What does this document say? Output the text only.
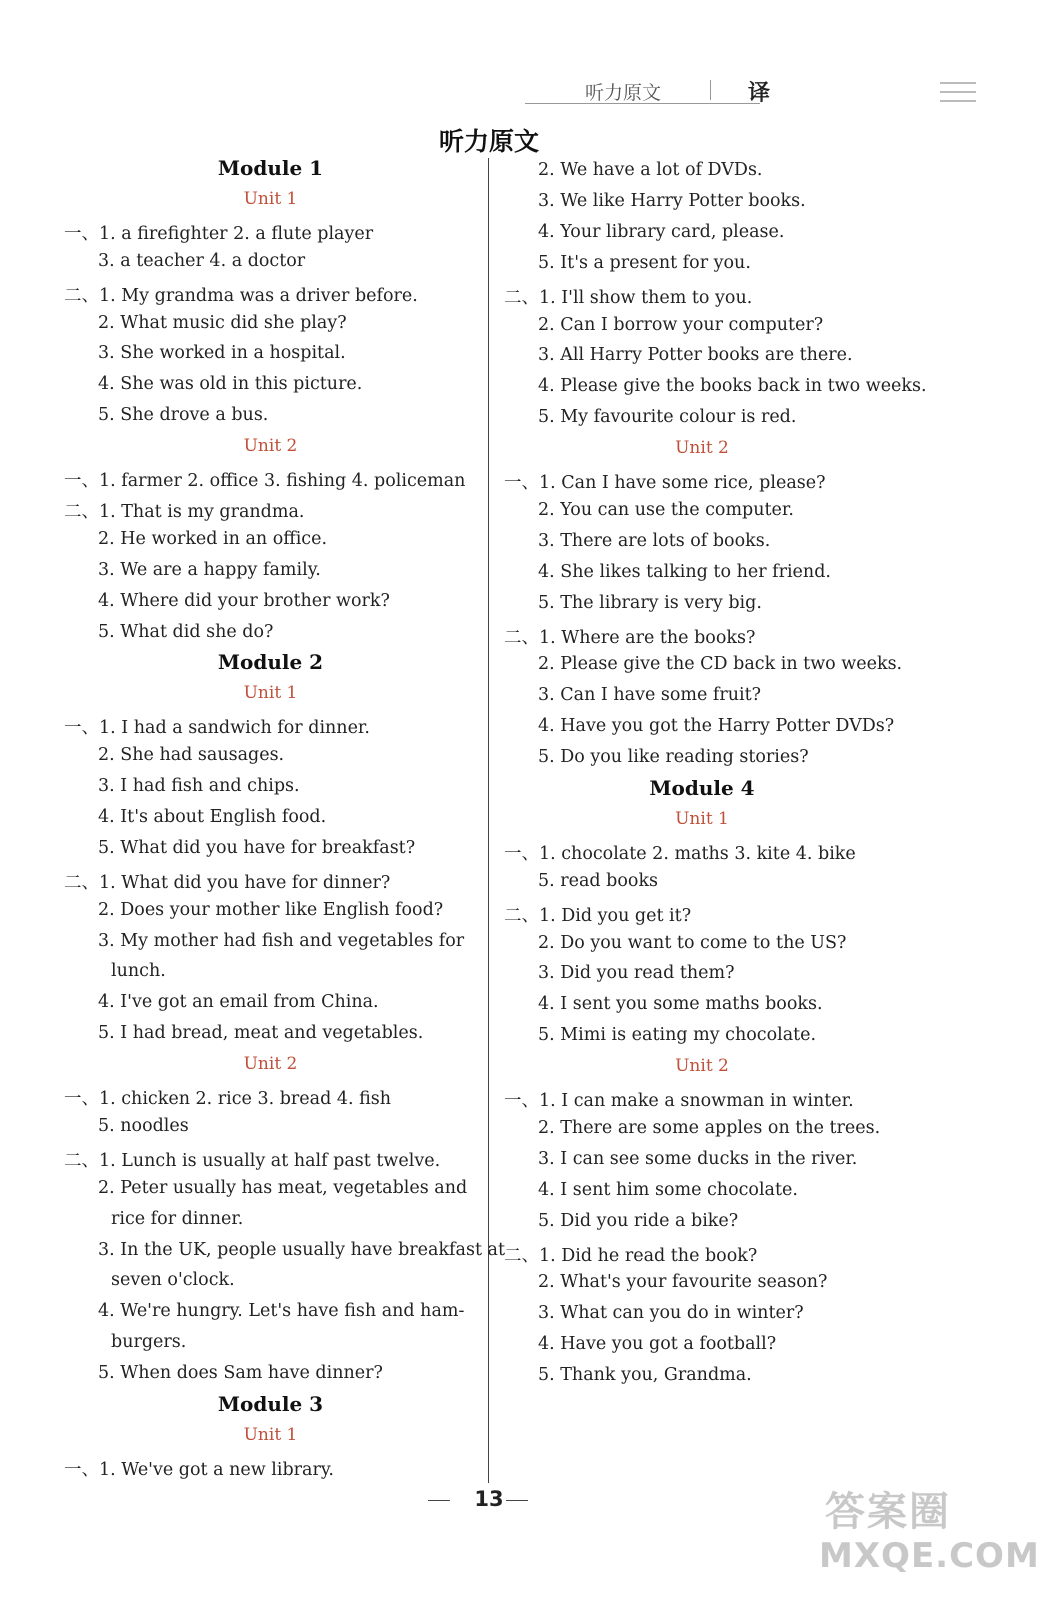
听力原文	译
听力原文
Module 1
Unit 1
一、1. a firefighter 2. a flute player
3. a teacher 4. a doctor
二、1. My grandma was a driver before.
2. What music did she play?
3. She worked in a hospital.
4. She was old in this picture.
5. She drove a bus.
Unit 2
一、1. farmer 2. office 3. fishing 4. policeman
二、1. That is my grandma.
2. He worked in an office.
3. We are a happy family.
4. Where did your brother work?
5. What did she do?
Module 2
Unit 1
一、1. I had a sandwich for dinner.
2. She had sausages.
3. I had fish and chips.
4. It's about English food.
5. What did you have for breakfast?
二、1. What did you have for dinner?
2. Does your mother like English food?
3. My mother had fish and vegetables for
lunch.
4. I've got an email from China.
5. I had bread, meat and vegetables.
Unit 2
一、1. chicken 2. rice 3. bread 4. fish
5. noodles
二、1. Lunch is usually at half past twelve.
2. Peter usually has meat, vegetables and
rice for dinner.
3. In the UK, people usually have breakfast at
seven o'clock.
4. We're hungry. Let's have fish and ham-
burgers.
5. When does Sam have dinner?
Module 3
Unit 1
一、1. We've got a new library.
2. We have a lot of DVDs.
3. We like Harry Potter books.
4. Your library card, please.
5. It's a present for you.
二、1. I'll show them to you.
2. Can I borrow your computer?
3. All Harry Potter books are there.
4. Please give the books back in two weeks.
5. My favourite colour is red.
Unit 2
一、1. Can I have some rice, please?
2. You can use the computer.
3. There are lots of books.
4. She likes talking to her friend.
5. The library is very big.
二、1. Where are the books?
2. Please give the CD back in two weeks.
3. Can I have some fruit?
4. Have you got the Harry Potter DVDs?
5. Do you like reading stories?
Module 4
Unit 1
一、1. chocolate 2. maths 3. kite 4. bike
5. read books
二、1. Did you get it?
2. Do you want to come to the US?
3. Did you read them?
4. I sent you some maths books.
5. Mimi is eating my chocolate.
Unit 2
一、1. I can make a snowman in winter.
2. There are some apples on the trees.
3. I can see some ducks in the river.
4. I sent him some chocolate.
5. Did you ride a bike?
二、1. Did he read the book?
2. What's your favourite season?
3. What can you do in winter?
4. Have you got a football?
5. Thank you, Grandma.
13	答案圈
MXQE.COM
